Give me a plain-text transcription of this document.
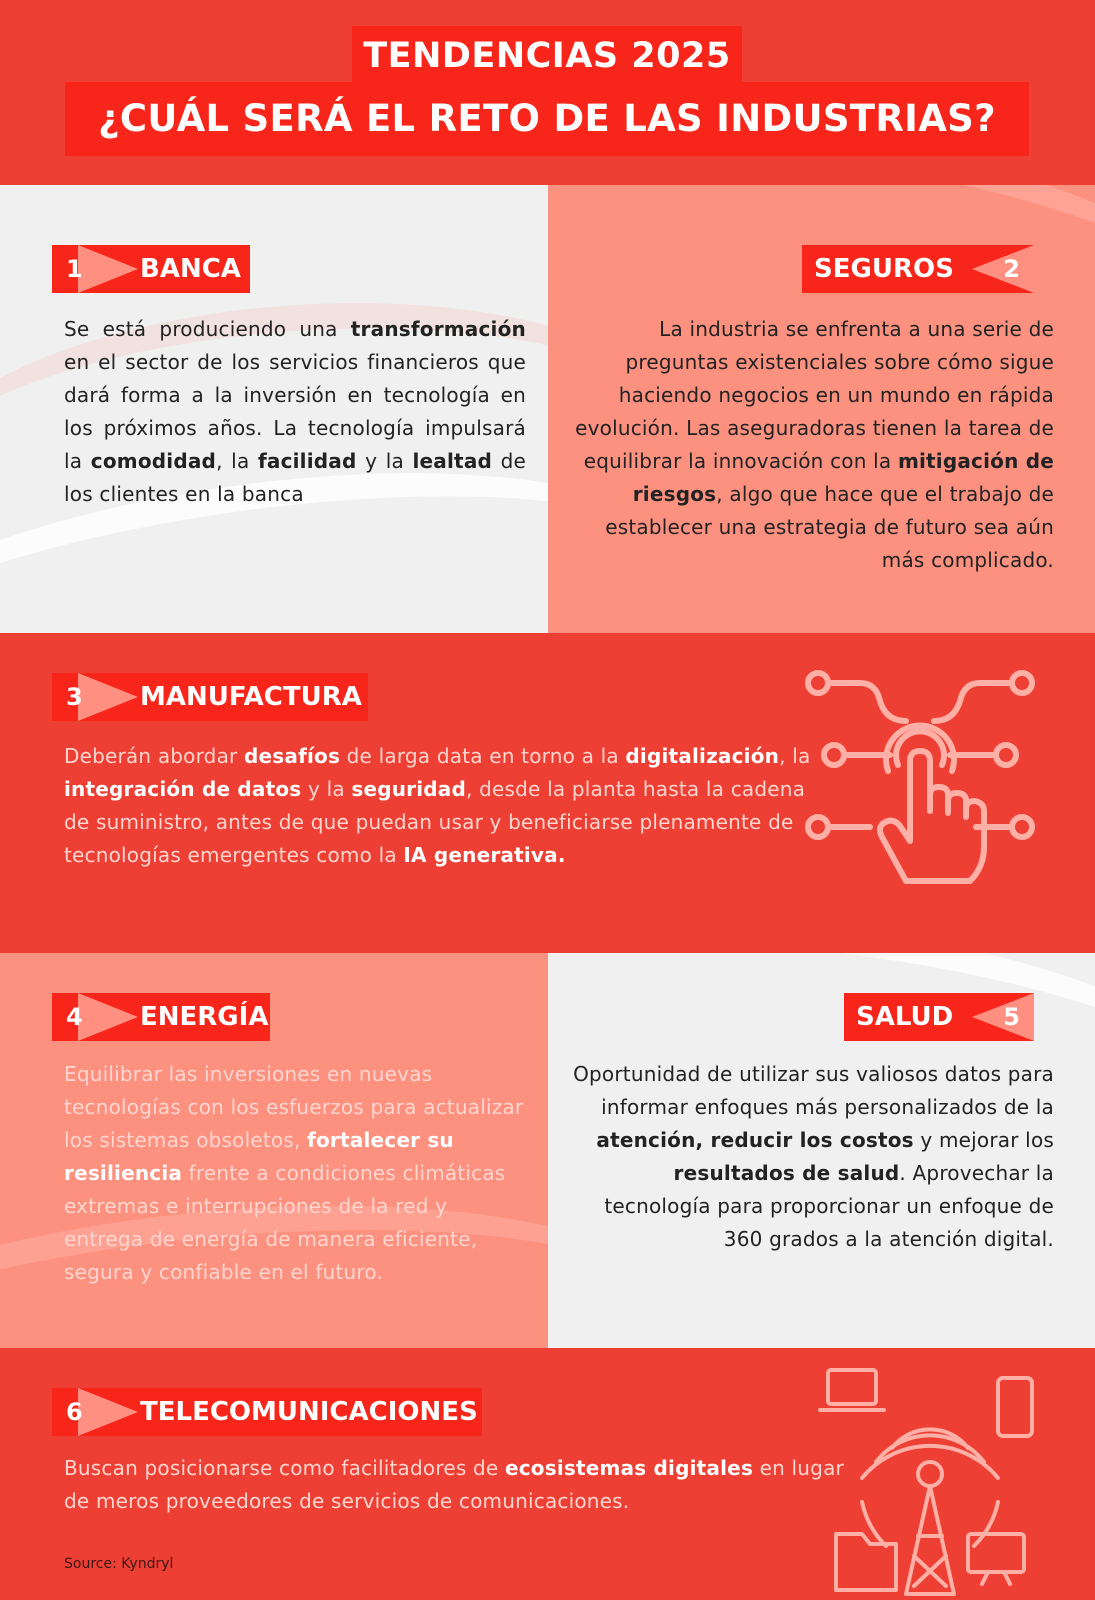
TENDENCIAS 2025
¿CUÁL SERÁ EL RETO DE LAS INDUSTRIAS?
1 BANCA
Se está produciendo una transformación en el sector de los servicios financieros que dará forma a la inversión en tecnología en los próximos años. La tecnología impulsará la comodidad, la facilidad y la lealtad de los clientes en la banca
SEGUROS 2
La industria se enfrenta a una serie de preguntas existenciales sobre cómo sigue haciendo negocios en un mundo en rápida evolución. Las aseguradoras tienen la tarea de equilibrar la innovación con la mitigación de riesgos, algo que hace que el trabajo de establecer una estrategia de futuro sea aún más complicado.
3 MANUFACTURA
Deberán abordar desafíos de larga data en torno a la digitalización, la integración de datos y la seguridad, desde la planta hasta la cadena de suministro, antes de que puedan usar y beneficiarse plenamente de tecnologías emergentes como la IA generativa.
4 ENERGÍA
Equilibrar las inversiones en nuevas tecnologías con los esfuerzos para actualizar los sistemas obsoletos, fortalecer su resiliencia frente a condiciones climáticas extremas e interrupciones de la red y entrega de energía de manera eficiente, segura y confiable en el futuro.
SALUD 5
Oportunidad de utilizar sus valiosos datos para informar enfoques más personalizados de la atención, reducir los costos y mejorar los resultados de salud. Aprovechar la tecnología para proporcionar un enfoque de 360 grados a la atención digital.
6 TELECOMUNICACIONES
Buscan posicionarse como facilitadores de ecosistemas digitales en lugar de meros proveedores de servicios de comunicaciones.
Source: Kyndryl
